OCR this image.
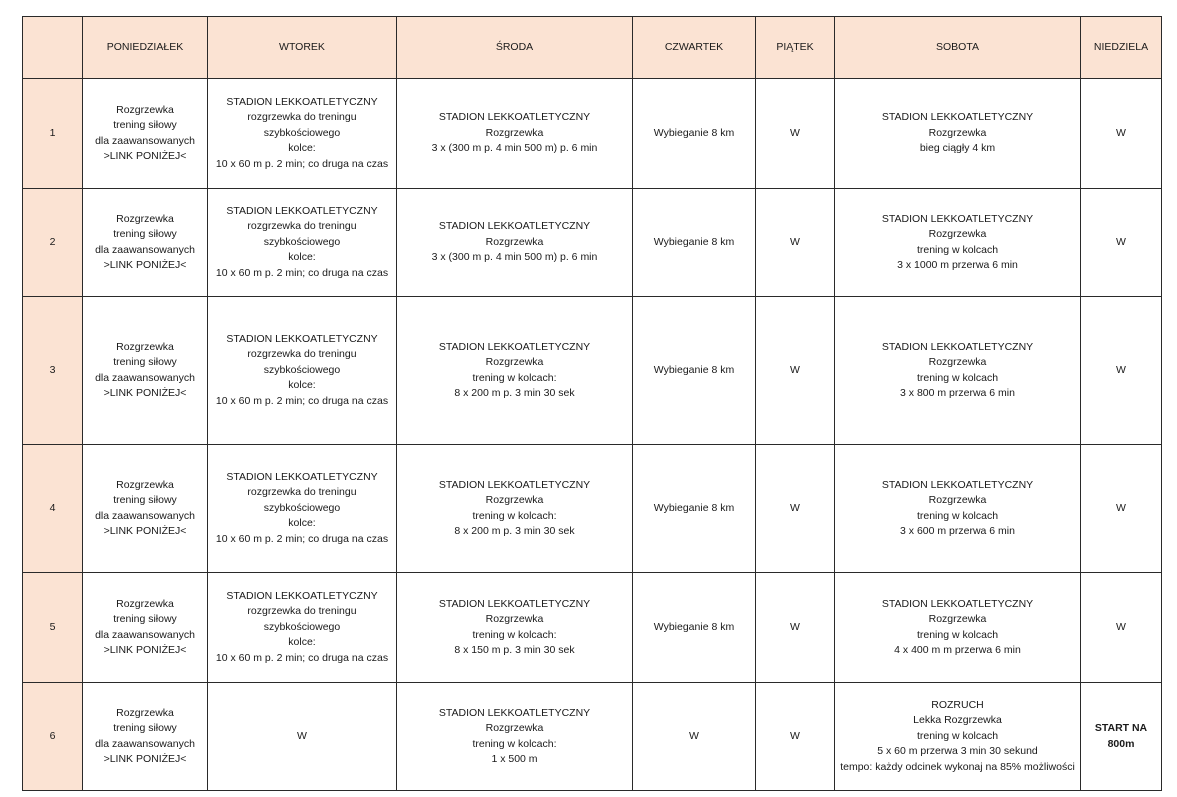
	PONIEDZIAŁEK	WTOREK	ŚRODA	CZWARTEK	PIĄTEK	SOBOTA	NIEDZIELA
1	Rozgrzewka
trening siłowy
dla zaawansowanych
>LINK PONIŻEJ<	STADION LEKKOATLETYCZNY
rozgrzewka do treningu
szybkościowego
kolce:
10 x 60 m p. 2 min; co druga na czas	STADION LEKKOATLETYCZNY
Rozgrzewka
3 x (300 m p. 4 min 500 m) p. 6 min	Wybieganie 8 km	W	STADION LEKKOATLETYCZNY
Rozgrzewka
bieg ciągły 4 km	W
2	Rozgrzewka
trening siłowy
dla zaawansowanych
>LINK PONIŻEJ<	STADION LEKKOATLETYCZNY
rozgrzewka do treningu
szybkościowego
kolce:
10 x 60 m p. 2 min; co druga na czas	STADION LEKKOATLETYCZNY
Rozgrzewka
3 x (300 m p. 4 min 500 m) p. 6 min	Wybieganie 8 km	W	STADION LEKKOATLETYCZNY
Rozgrzewka
trening w kolcach
3 x 1000 m przerwa 6 min	W
3	Rozgrzewka
trening siłowy
dla zaawansowanych
>LINK PONIŻEJ<	STADION LEKKOATLETYCZNY
rozgrzewka do treningu
szybkościowego
kolce:
10 x 60 m p. 2 min; co druga na czas	STADION LEKKOATLETYCZNY
Rozgrzewka
trening w kolcach:
8 x 200 m p. 3 min 30 sek	Wybieganie 8 km	W	STADION LEKKOATLETYCZNY
Rozgrzewka
trening w kolcach
3 x 800 m przerwa 6 min	W
4	Rozgrzewka
trening siłowy
dla zaawansowanych
>LINK PONIŻEJ<	STADION LEKKOATLETYCZNY
rozgrzewka do treningu
szybkościowego
kolce:
10 x 60 m p. 2 min; co druga na czas	STADION LEKKOATLETYCZNY
Rozgrzewka
trening w kolcach:
8 x 200 m p. 3 min 30 sek	Wybieganie 8 km	W	STADION LEKKOATLETYCZNY
Rozgrzewka
trening w kolcach
3 x 600 m przerwa 6 min	W
5	Rozgrzewka
trening siłowy
dla zaawansowanych
>LINK PONIŻEJ<	STADION LEKKOATLETYCZNY
rozgrzewka do treningu
szybkościowego
kolce:
10 x 60 m p. 2 min; co druga na czas	STADION LEKKOATLETYCZNY
Rozgrzewka
trening w kolcach:
8 x 150 m p. 3 min 30 sek	Wybieganie 8 km	W	STADION LEKKOATLETYCZNY
Rozgrzewka
trening w kolcach
4 x 400 m m przerwa 6 min	W
6	Rozgrzewka
trening siłowy
dla zaawansowanych
>LINK PONIŻEJ<	W	STADION LEKKOATLETYCZNY
Rozgrzewka
trening w kolcach:
1 x 500 m	W	W	ROZRUCH
Lekka Rozgrzewka
trening w kolcach
5 x 60 m przerwa 3 min 30 sekund
tempo: każdy odcinek wykonaj na 85% możliwości	START NA
800m
